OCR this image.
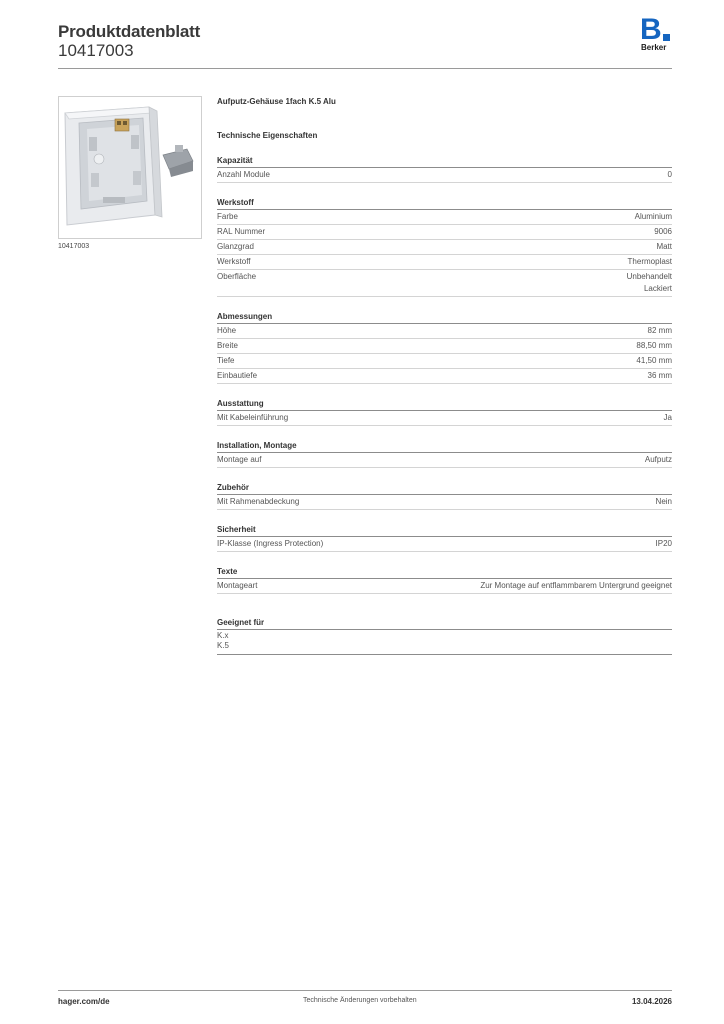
Produktdatenblatt
10417003
B
Berker
10417003
Aufputz-Gehäuse 1fach K.5 Alu
Technische Eigenschaften
Kapazität
Anzahl Module	0
Werkstoff
Farbe	Aluminium
RAL Nummer	9006
Glanzgrad	Matt
Werkstoff	Thermoplast
Oberfläche	Unbehandelt
Lackiert
Abmessungen
Höhe	82 mm
Breite	88,50 mm
Tiefe	41,50 mm
Einbautiefe	36 mm
Ausstattung
Mit Kabeleinführung	Ja
Installation, Montage
Montage auf	Aufputz
Zubehör
Mit Rahmenabdeckung	Nein
Sicherheit
IP-Klasse (Ingress Protection)	IP20
Texte
Montageart	Zur Montage auf entflammbarem Untergrund geeignet
Geeignet für
K.x
K.5
hager.com/de	Technische Änderungen vorbehalten	13.04.2026
